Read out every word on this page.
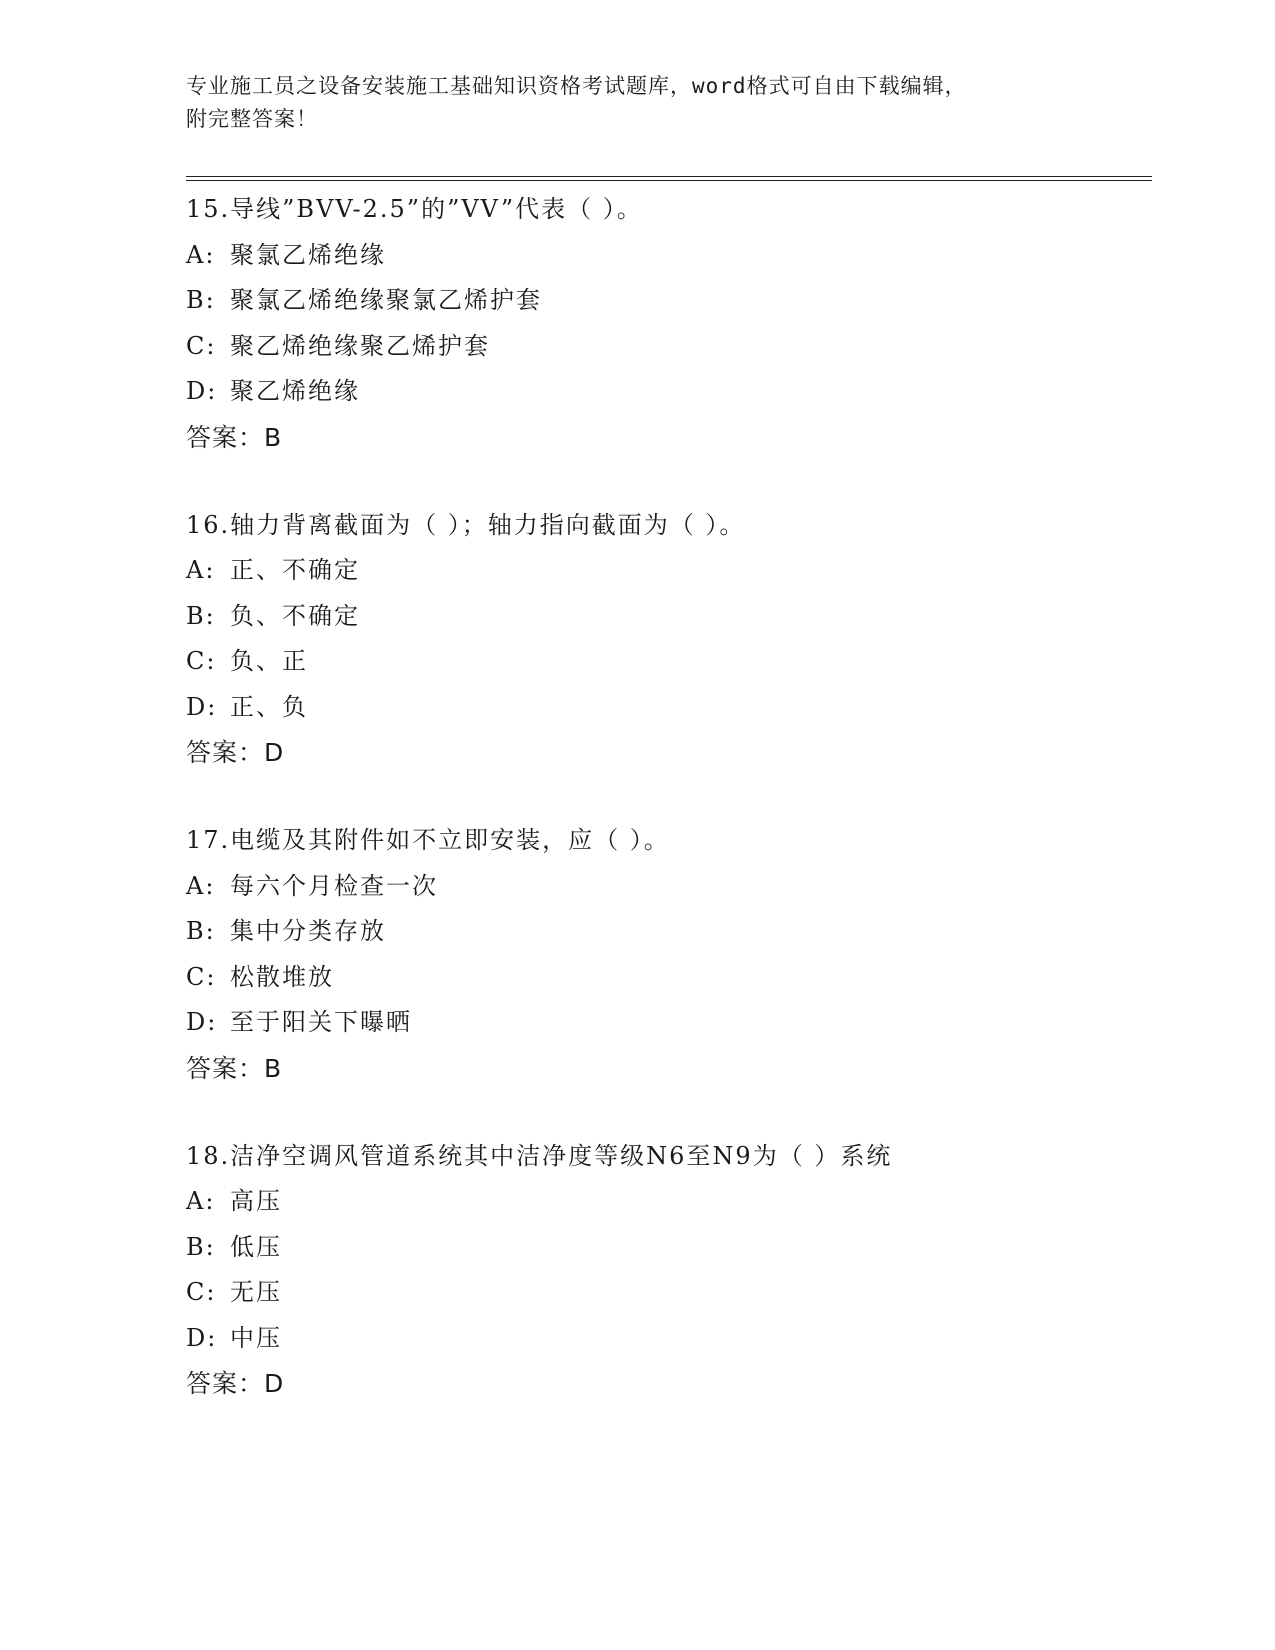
专业施工员之设备安装施工基础知识资格考试题库，word格式可自由下载编辑，

附完整答案！

15.导线”BVV-2.5”的”VV”代表（ ）。
A: 聚氯乙烯绝缘
B: 聚氯乙烯绝缘聚氯乙烯护套
C: 聚乙烯绝缘聚乙烯护套
D: 聚乙烯绝缘
答案：B
16.轴力背离截面为（ ）；轴力指向截面为（ ）。
A: 正、不确定
B: 负、不确定
C: 负、正
D: 正、负
答案：D
17.电缆及其附件如不立即安装，应（ ）。
A: 每六个月检查一次
B: 集中分类存放
C: 松散堆放
D: 至于阳关下曝晒
答案：B
18.洁净空调风管道系统其中洁净度等级N6至N9为（ ）系统
A: 高压
B: 低压
C: 无压
D: 中压
答案：D
